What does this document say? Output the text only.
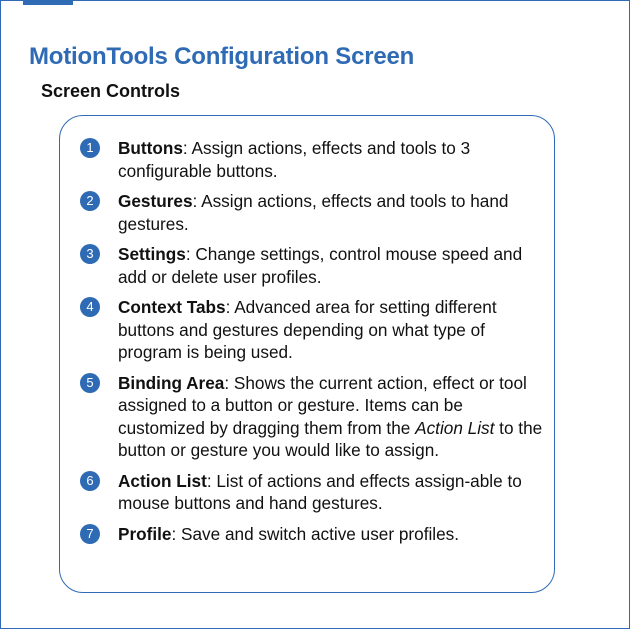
MotionTools Configuration Screen
Screen Controls
1	Buttons: Assign actions, effects and tools to 3 configurable buttons.
2	Gestures: Assign actions, effects and tools to hand gestures.
3	Settings: Change settings, control mouse speed and add or delete user profiles.
4	Context Tabs: Advanced area for setting different buttons and gestures depending on what type of program is being used.
5	Binding Area: Shows the current action, effect or tool assigned to a button or gesture. Items can be customized by dragging them from the Action List to the button or gesture you would like to assign.
6	Action List: List of actions and effects assign-able to mouse buttons and hand gestures.
7	Profile: Save and switch active user profiles.
